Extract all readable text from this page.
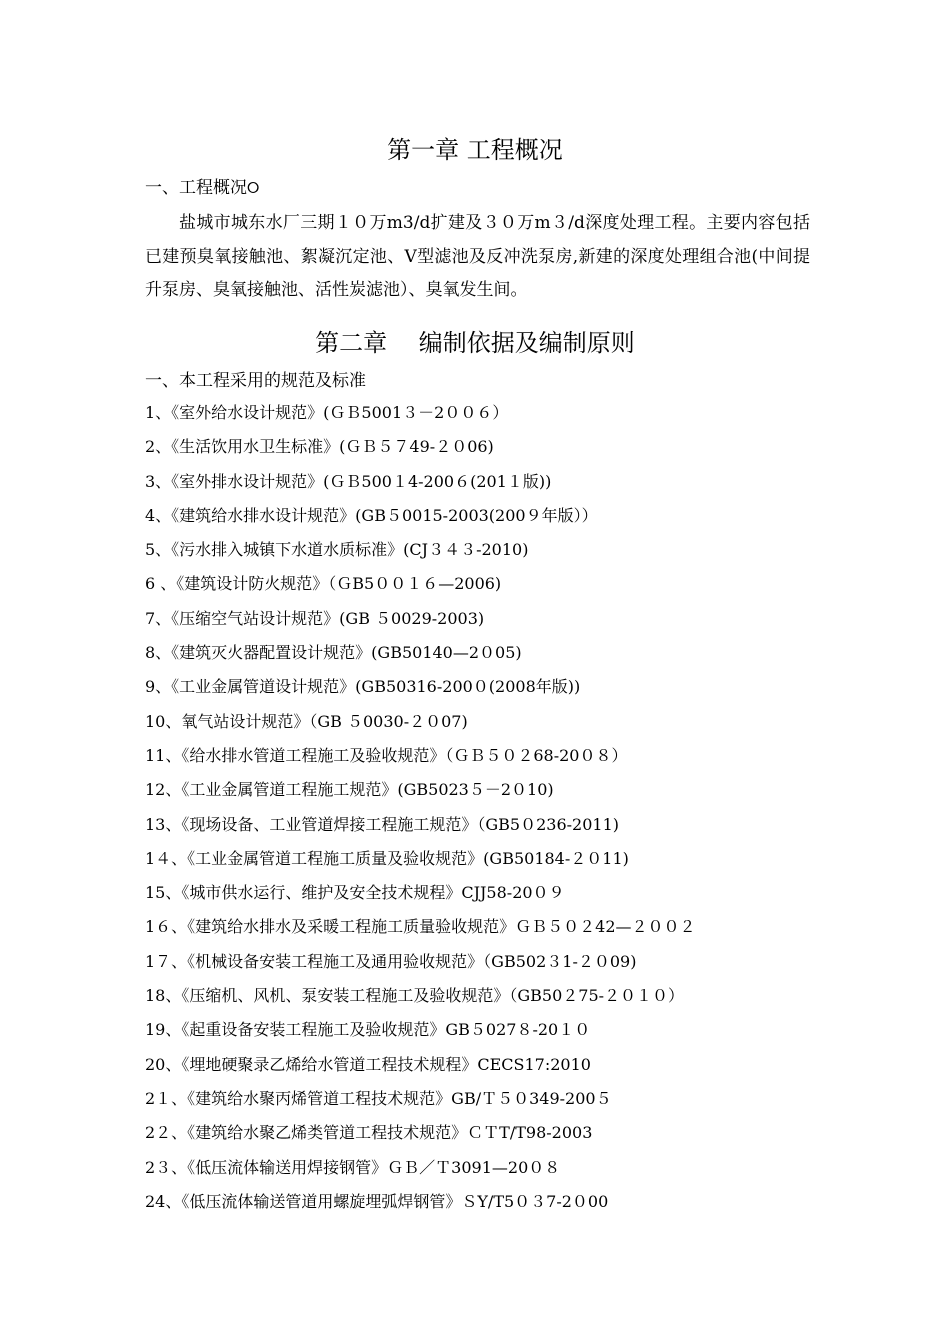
第一章 工程概况
一、工程概况୦
盐城市城东水厂三期１０万m3/d扩建及３０万m３/d深度处理工程。主要内容包括已建预臭氧接触池、絮凝沉定池、V型滤池及反冲洗泵房,新建的深度处理组合池(中间提升泵房、臭氧接触池、活性炭滤池）、臭氧发生间。
第二章　 编制依据及编制原则
一、本工程采用的规范及标准
1、《室外给水设计规范》(ＧＢ5001３－2００６）
2、《生活饮用水卫生标准》(ＧＢ５７49-２０06)
3、《室外排水设计规范》(ＧＢ500１4-200６(201１版))
4、《建筑给水排水设计规范》(GB５0015-2003(200９年版））
5、《污水排入城镇下水道水质标准》(CJ３４３-2010)
6 、《建筑设计防火规范》（ＧB5００１６—2006)
7、《压缩空气站设计规范》(GB ５0029-2003)
8、《建筑灭火器配置设计规范》(GB50140—2０05)
9、《工业金属管道设计规范》(GB50316-200０(2008年版))
10、氧气站设计规范》（GB ５0030-２０07)
11、《给水排水管道工程施工及验收规范》（ＧＢ５０２68-20０８）
12、《工业金属管道工程施工规范》(GB5023５－2０10)
13、《现场设备、工业管道焊接工程施工规范》（GB5０236-2011)
1４、《工业金属管道工程施工质量及验收规范》(GB50184-２０11)
15、《城市供水运行、维护及安全技术规程》CJJ58-20０９
1６、《建筑给水排水及采暖工程施工质量验收规范》ＧＢ５０２42—２００２
1７、《机械设备安装工程施工及通用验收规范》（GB502３1-２０09)
18、《压缩机、风机、泵安装工程施工及验收规范》（GB50２75-２０１０）
19、《起重设备安装工程施工及验收规范》GB５027８-20１０
20、《埋地硬聚录乙烯给水管道工程技术规程》CECS17:2010
2１、《建筑给水聚丙烯管道工程技术规范》GB/Ｔ５０349-200５
2２、《建筑给水聚乙烯类管道工程技术规范》ＣＴT/T98-2003
2３、《低压流体输送用焊接钢管》ＧＢ／Ｔ3091—20０８
24、《低压流体输送管道用螺旋埋弧焊钢管》ＳY/T5０３7-2０00
